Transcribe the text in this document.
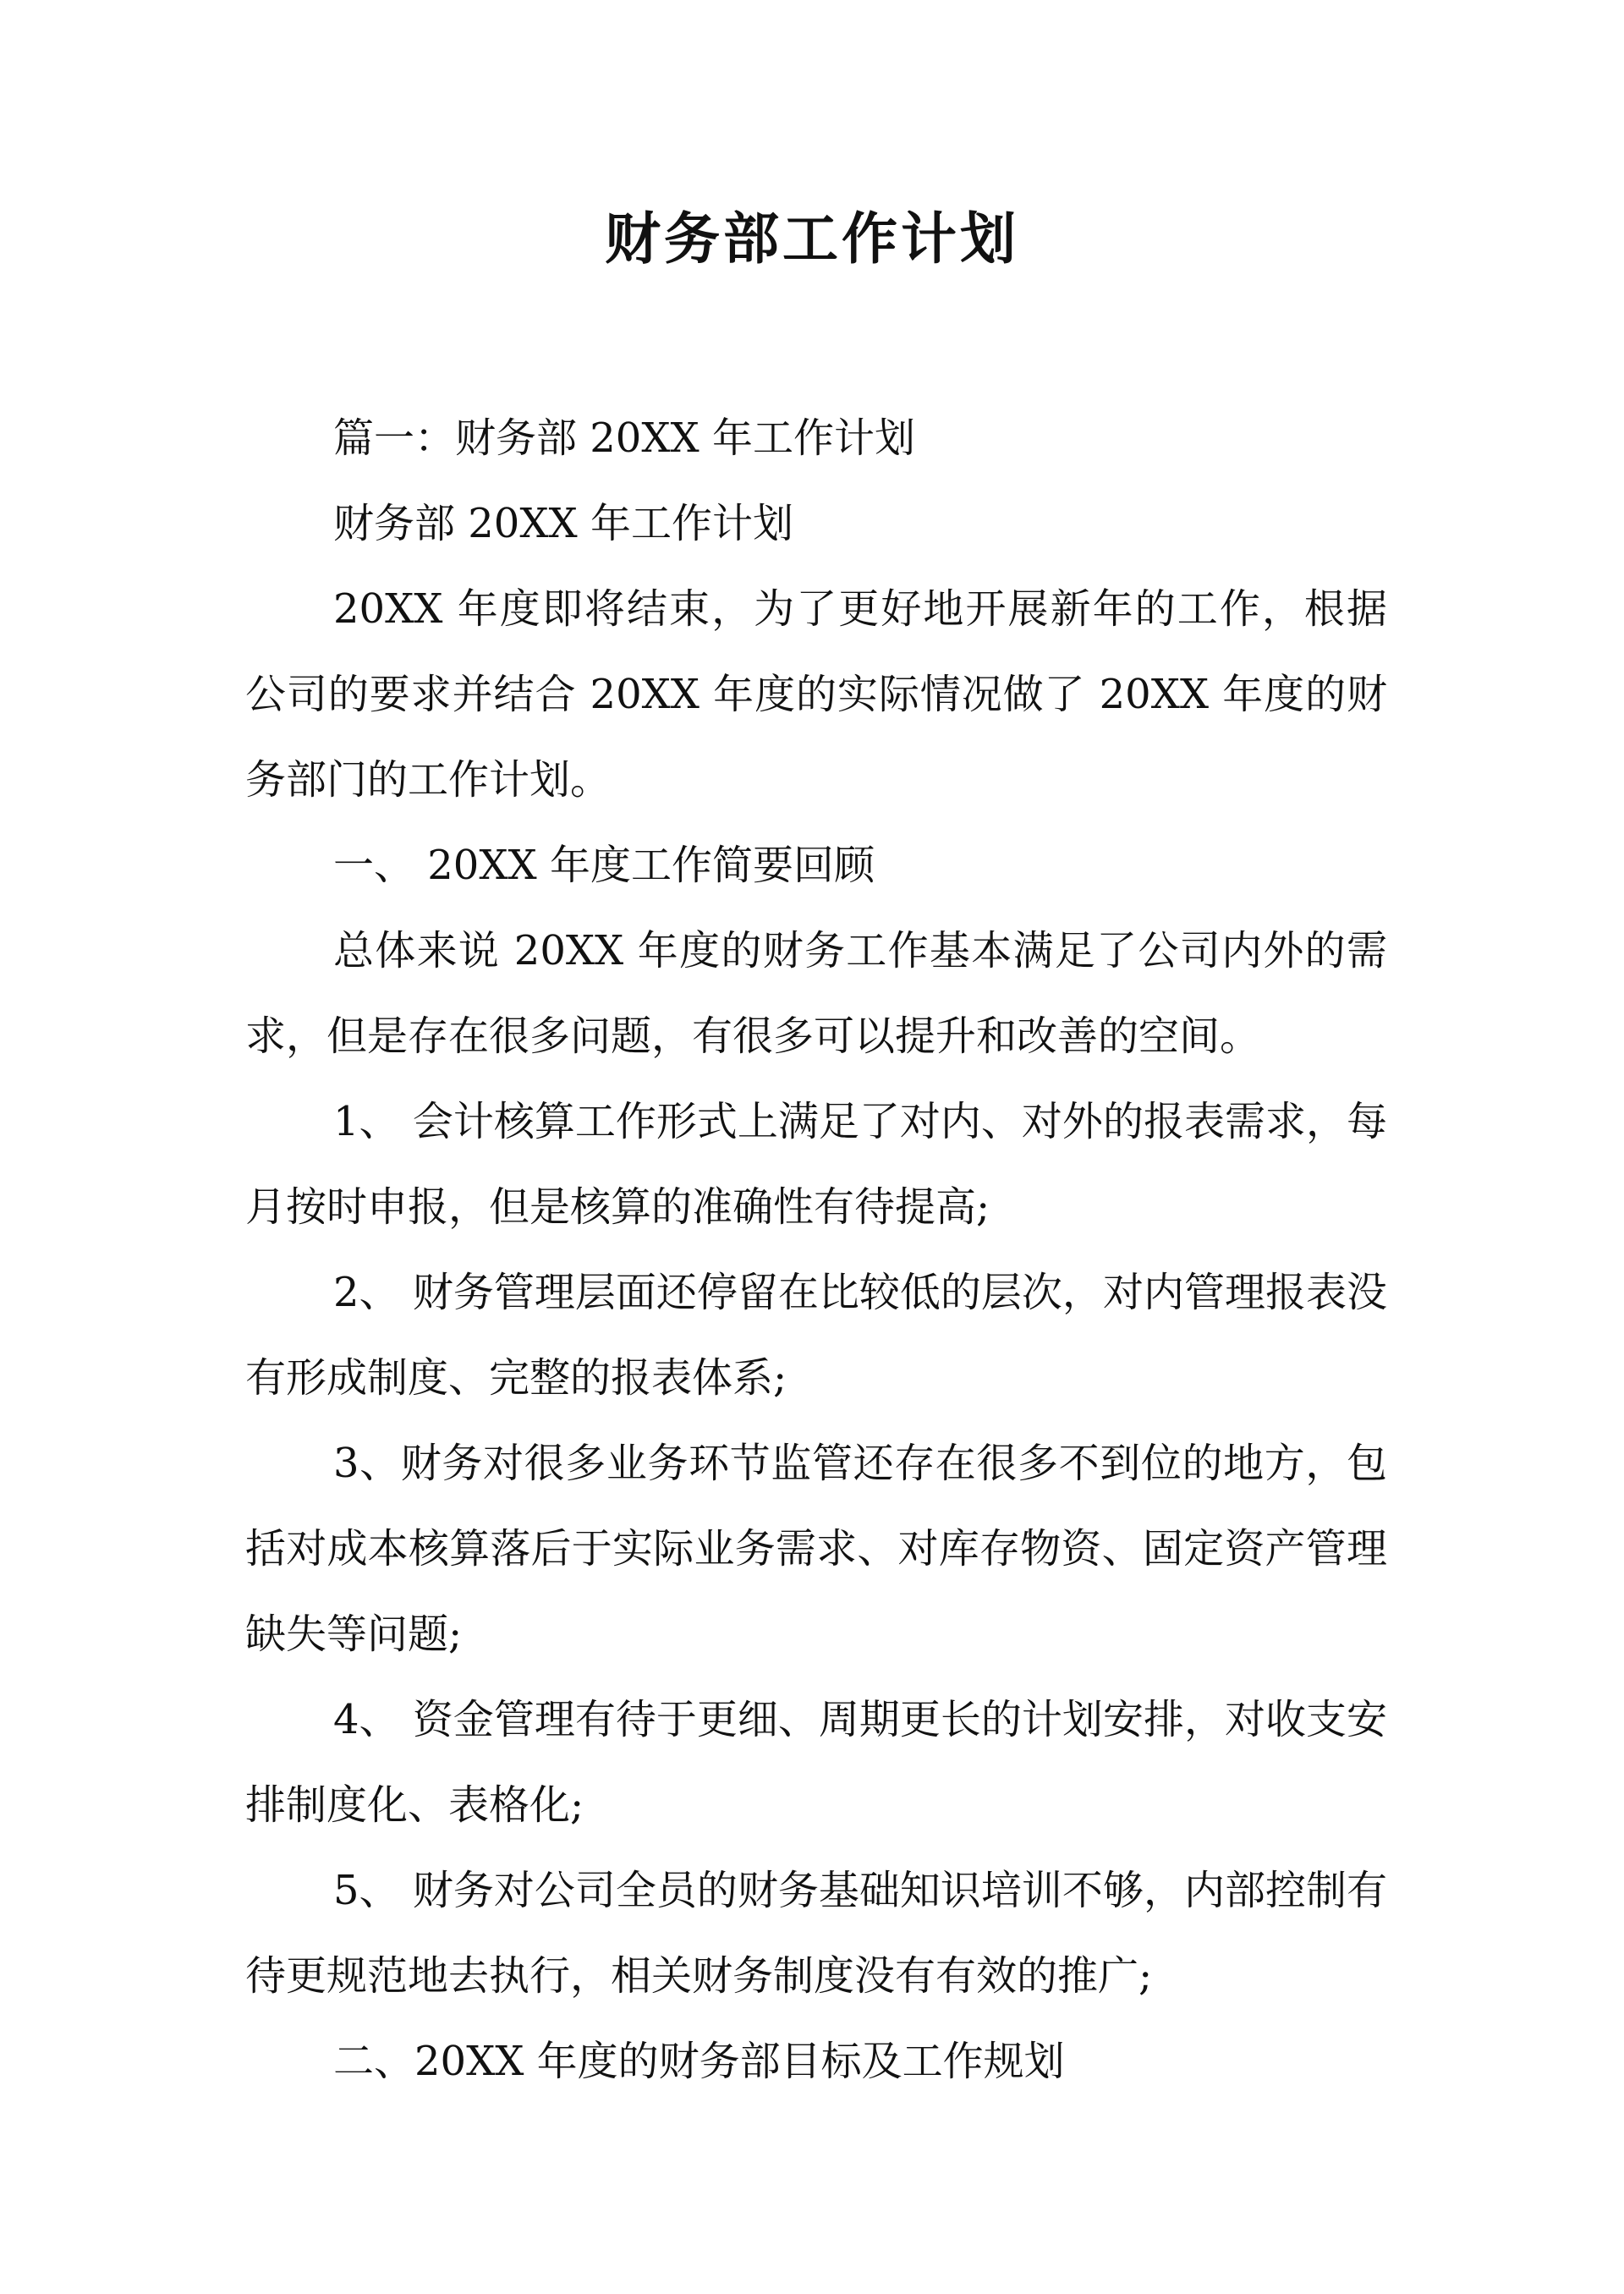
财务部工作计划

篇一：财务部 20XX 年工作计划

财务部 20XX 年工作计划

20XX 年度即将结束，为了更好地开展新年的工作，根据公司的要求并结合 20XX 年度的实际情况做了 20XX 年度的财务部门的工作计划。

一、 20XX 年度工作简要回顾

总体来说 20XX 年度的财务工作基本满足了公司内外的需求，但是存在很多问题，有很多可以提升和改善的空间。

1、 会计核算工作形式上满足了对内、对外的报表需求，每月按时申报，但是核算的准确性有待提高;

2、 财务管理层面还停留在比较低的层次，对内管理报表没有形成制度、完整的报表体系;

3、财务对很多业务环节监管还存在很多不到位的地方，包括对成本核算落后于实际业务需求、对库存物资、固定资产管理缺失等问题;

4、 资金管理有待于更细、周期更长的计划安排，对收支安排制度化、表格化;

5、 财务对公司全员的财务基础知识培训不够，内部控制有待更规范地去执行，相关财务制度没有有效的推广;

二、20XX 年度的财务部目标及工作规划
